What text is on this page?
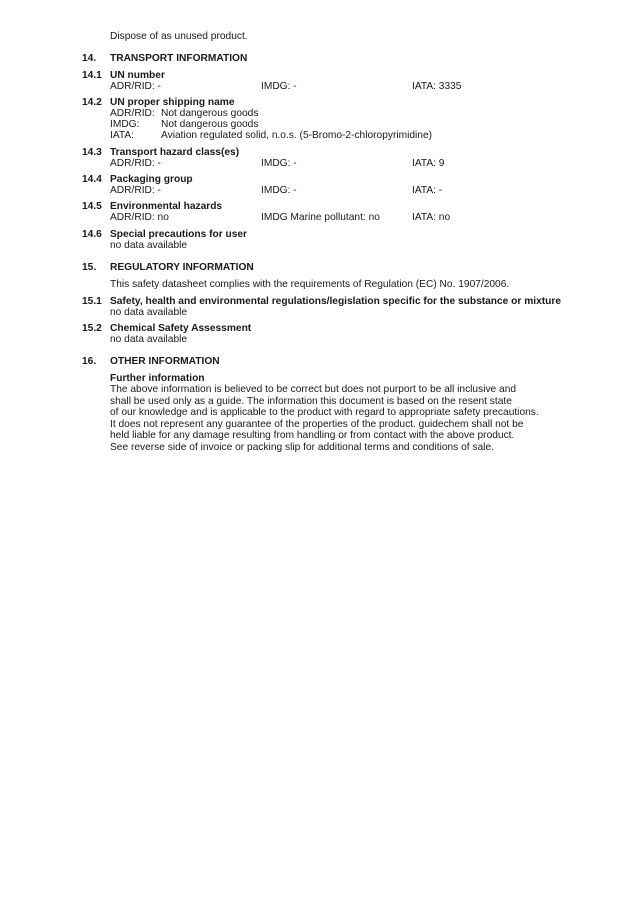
Dispose of as unused product.
14. TRANSPORT INFORMATION
14.1 UN number
ADR/RID: -	IMDG: -	IATA: 3335
14.2 UN proper shipping name
ADR/RID: Not dangerous goods
IMDG: Not dangerous goods
IATA:	Aviation regulated solid, n.o.s. (5-Bromo-2-chloropyrimidine)
14.3 Transport hazard class(es)
ADR/RID: -	IMDG: -	IATA: 9
14.4 Packaging group
ADR/RID: -	IMDG: -	IATA: -
14.5 Environmental hazards
ADR/RID: no	IMDG Marine pollutant: no	IATA: no
14.6 Special precautions for user
no data available
15. REGULATORY INFORMATION
This safety datasheet complies with the requirements of Regulation (EC) No. 1907/2006.
15.1 Safety, health and environmental regulations/legislation specific for the substance or mixture
no data available
15.2 Chemical Safety Assessment
no data available
16. OTHER INFORMATION
Further information
The above information is believed to be correct but does not purport to be all inclusive and
shall be used only as a guide. The information this document is based on the resent state
of our knowledge and is applicable to the product with regard to appropriate safety precautions.
It does not represent any guarantee of the properties of the product. guidechem shall not be
held liable for any damage resulting from handling or from contact with the above product.
See reverse side of invoice or packing slip for additional terms and conditions of sale.
